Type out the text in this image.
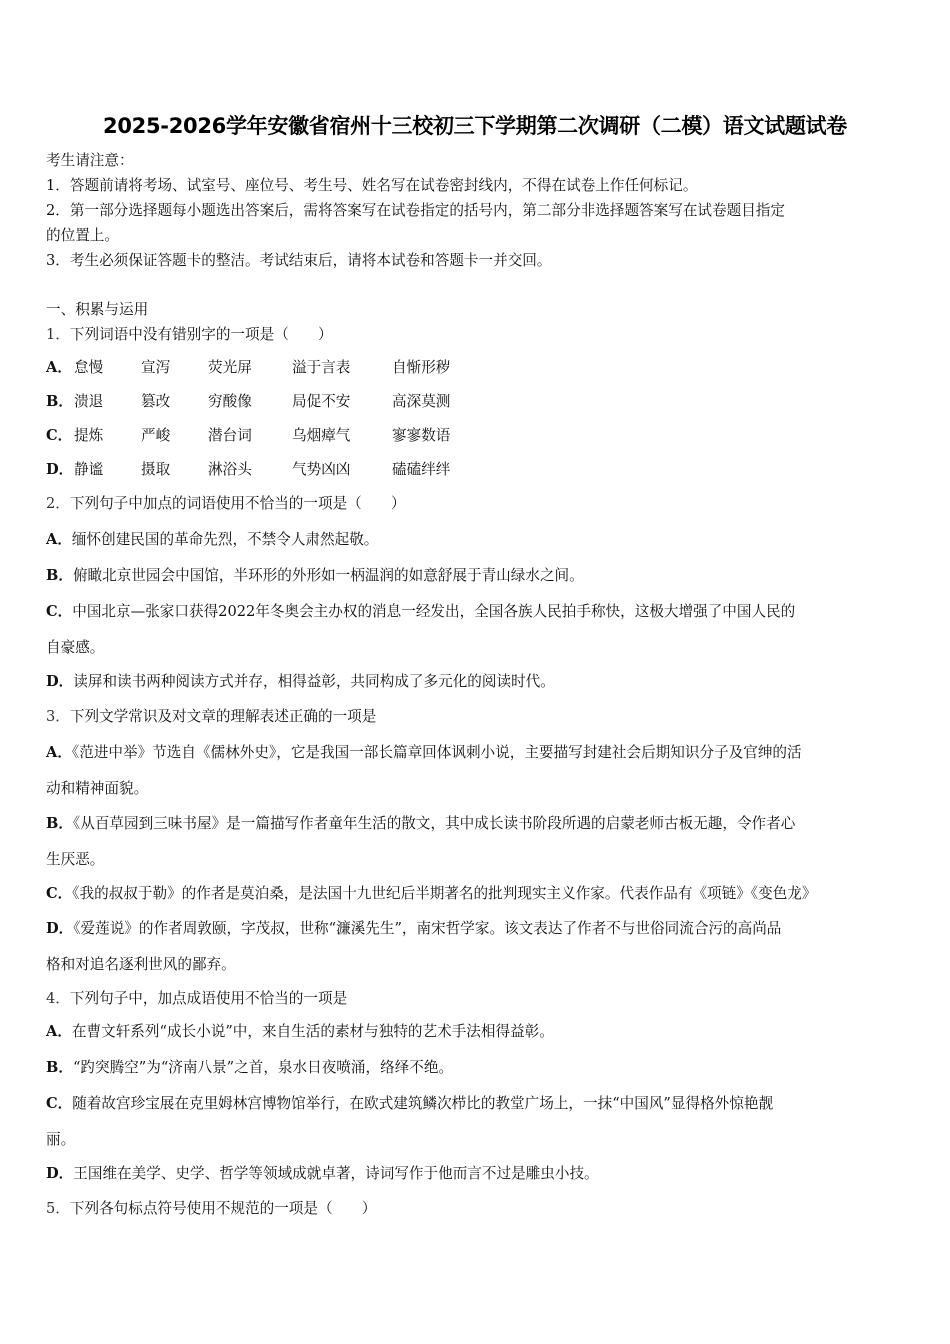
2025-2026学年安徽省宿州十三校初三下学期第二次调研（二模）语文试题试卷
考生请注意：
1．答题前请将考场、试室号、座位号、考生号、姓名写在试卷密封线内，不得在试卷上作任何标记。
2．第一部分选择题每小题选出答案后，需将答案写在试卷指定的括号内，第二部分非选择题答案写在试卷题目指定
的位置上。
3．考生必须保证答题卡的整洁。考试结束后，请将本试卷和答题卡一并交回。
一、积累与运用
1．下列词语中没有错别字的一项是（　　）
A． 怠慢	宣泻	荧光屏	溢于言表	自惭形秽
B．溃退	篡改	穷酸像	局促不安	高深莫测
C． 提炼	严峻	潜台词	乌烟瘴气	寥寥数语
D．静谧	摄取	淋浴头	气势凶凶	磕磕绊绊
2．下列句子中加点的词语使用不恰当的一项是（　　）
A．缅怀创建民国的革命先烈，不禁令人肃然起敬。
B．俯瞰北京世园会中国馆，半环形的外形如一柄温润的如意舒展于青山绿水之间。
C．中国北京—张家口获得2022年冬奥会主办权的消息一经发出，全国各族人民拍手称快，这极大增强了中国人民的
自豪感。
D．读屏和读书两种阅读方式并存，相得益彰，共同构成了多元化的阅读时代。
3．下列文学常识及对文章的理解表述正确的一项是
A．《范进中举》节选自《儒林外史》，它是我国一部长篇章回体讽刺小说，主要描写封建社会后期知识分子及官绅的活
动和精神面貌。
B．《从百草园到三味书屋》是一篇描写作者童年生活的散文，其中成长读书阶段所遇的启蒙老师古板无趣，令作者心
生厌恶。
C．《我的叔叔于勒》的作者是莫泊桑，是法国十九世纪后半期著名的批判现实主义作家。代表作品有《项链》《变色龙》
D．《爱莲说》的作者周敦颐，字茂叔，世称“濂溪先生”，南宋哲学家。该文表达了作者不与世俗同流合污的高尚品
格和对追名逐利世风的鄙弃。
4．下列句子中，加点成语使用不恰当的一项是
A．在曹文轩系列“成长小说”中，来自生活的素材与独特的艺术手法相得益彰。
B．“趵突腾空”为“济南八景”之首，泉水日夜喷涌，络绎不绝。
C．随着故宫珍宝展在克里姆林宫博物馆举行，在欧式建筑鳞次栉比的教堂广场上，一抹“中国风”显得格外惊艳靓
丽。
D．王国维在美学、史学、哲学等领域成就卓著，诗词写作于他而言不过是雕虫小技。
5．下列各句标点符号使用不规范的一项是（　　）
